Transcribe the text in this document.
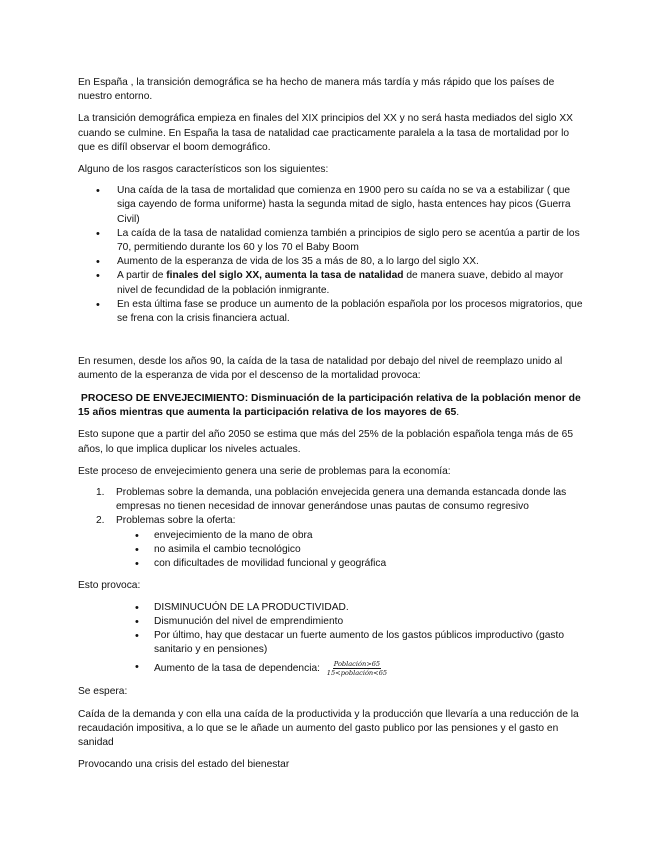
En España , la transición demográfica se ha hecho de manera más tardía y más rápido que los países de nuestro entorno.

La transición demográfica empieza en finales del XIX principios del XX y no será hasta mediados del siglo XX cuando se culmine. En España la tasa de natalidad cae practicamente paralela a la tasa de mortalidad por lo que es difíl observar el boom demográfico.

Alguno de los rasgos característicos son los siguientes:

• Una caída de la tasa de mortalidad que comienza en 1900 pero su caída no se va a estabilizar ( que siga cayendo de forma uniforme) hasta la segunda mitad de siglo, hasta entences hay picos (Guerra Civil)
• La caída de la tasa de natalidad comienza también a principios de siglo pero se acentúa a partir de los 70, permitiendo durante los 60 y los 70 el Baby Boom
• Aumento de la esperanza de vida de los 35 a más de 80, a lo largo del siglo XX.
• A partir de finales del siglo XX, aumenta la tasa de natalidad de manera suave, debido al mayor nivel de fecundidad de la población inmigrante.
• En esta última fase se produce un aumento de la población española por los procesos migratorios, que se frena con la crisis financiera actual.

En resumen, desde los años 90, la caída de la tasa de natalidad por debajo del nivel de reemplazo unido al aumento de la esperanza de vida por el descenso de la mortalidad provoca:

PROCESO DE ENVEJECIMIENTO: Disminuación de la participación relativa de la población menor de 15 años mientras que aumenta la participación relativa de los mayores de 65.

Esto supone que a partir del año 2050 se estima que más del 25% de la población española tenga más de 65 años, lo que implica duplicar los niveles actuales.

Este proceso de envejecimiento genera una serie de problemas para la economía:

1. Problemas sobre la demanda, una población envejecida genera una demanda estancada donde las empresas no tienen necesidad de innovar generándose unas pautas de consumo regresivo
2. Problemas sobre la oferta:
• envejecimiento de la mano de obra
• no asimila el cambio tecnológico
• con dificultades de movilidad funcional y geográfica

Esto provoca:

• DISMINUCUÓN DE LA PRODUCTIVIDAD.
• Dismunución del nivel de emprendimiento
• Por último, hay que destacar un fuerte aumento de los gastos públicos improductivo (gasto sanitario y en pensiones)
• Aumento de la tasa de dependencia: $\frac{\text{Población>65}}{\text{15<población<65}}$

Se espera:

Caída de la demanda y con ella una caída de la productivida y la producción que llevaría a una reducción de la recaudación impositiva, a lo que se le añade un aumento del gasto publico por las pensiones y el gasto en sanidad

Provocando una crisis del estado del bienestar
